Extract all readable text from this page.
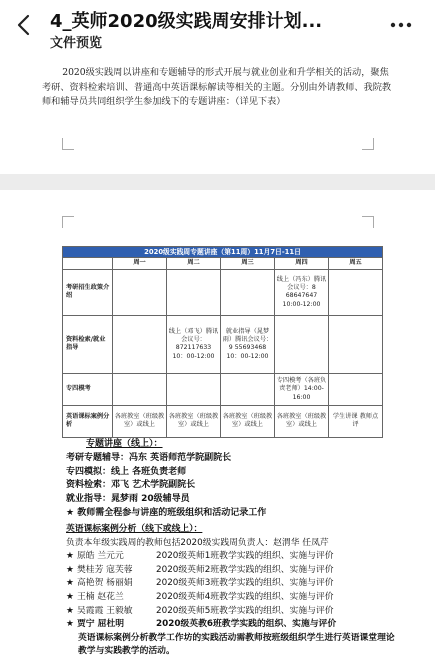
4_英师2020级实践周安排计划...
文件预览

2020级实践周以讲座和专题辅导的形式开展与就业创业和升学相关的活动，聚焦考研、资料检索培训、普通高中英语课标解读等相关的主题。分别由外请教师、我院教师和辅导员共同组织学生参加线下的专题讲座：（详见下表）

2020级实践周专题讲座（第11周）11月7日-11日					
	周一	周二	周三	周四	周五
考研招生政策介绍				线上（冯东）腾讯会议号：8 68647647 10:00-12:00	
资料检索/就业指导		线上（邓飞）腾讯会议号：872117633 10：00-12:00	就业指导（晁梦雨）腾讯会议号：9 55693468 10：00-12:00		
专四模考				专四模考（各班负责老师）14:00-16:00	
英语课标案例分析	各班教室（班级教室）或线上	各班教室（班级教室）或线上	各班教室（班级教室）或线上	各班教室（班级教室）或线上	学生讲课 教师点评
专题讲座（线上）：
考研专题辅导：冯东 英语师范学院副院长
专四模拟：线上 各班负责老师
资料检索：邓飞 艺术学院副院长
就业指导：晁梦雨 20级辅导员
★ 教师需全程参与讲座的班级组织和活动记录工作
英语课标案例分析（线下或线上）：
负责本年级实践周的教师包括2020级实践周负责人：赵渭华 任凤芹
★ 原皓 兰元元	2020级英师1班教学实践的组织、实施与评价
★ 樊桂芳 寇芙蓉	2020级英师2班教学实践的组织、实施与评价
★ 高艳贺 杨丽娟	2020级英师3班教学实践的组织、实施与评价
★ 王楠 赵花兰	2020级英师4班教学实践的组织、实施与评价
★ 吴霞霞 王毅敏	2020级英师5班教学实践的组织、实施与评价
★ 贾宁 屈杜明	2020级英教6班教学实践的组织、实施与评价
英语课标案例分析教学工作坊的实践活动需教师按班级组织学生进行英语课堂理论教学与实践教学的活动。
